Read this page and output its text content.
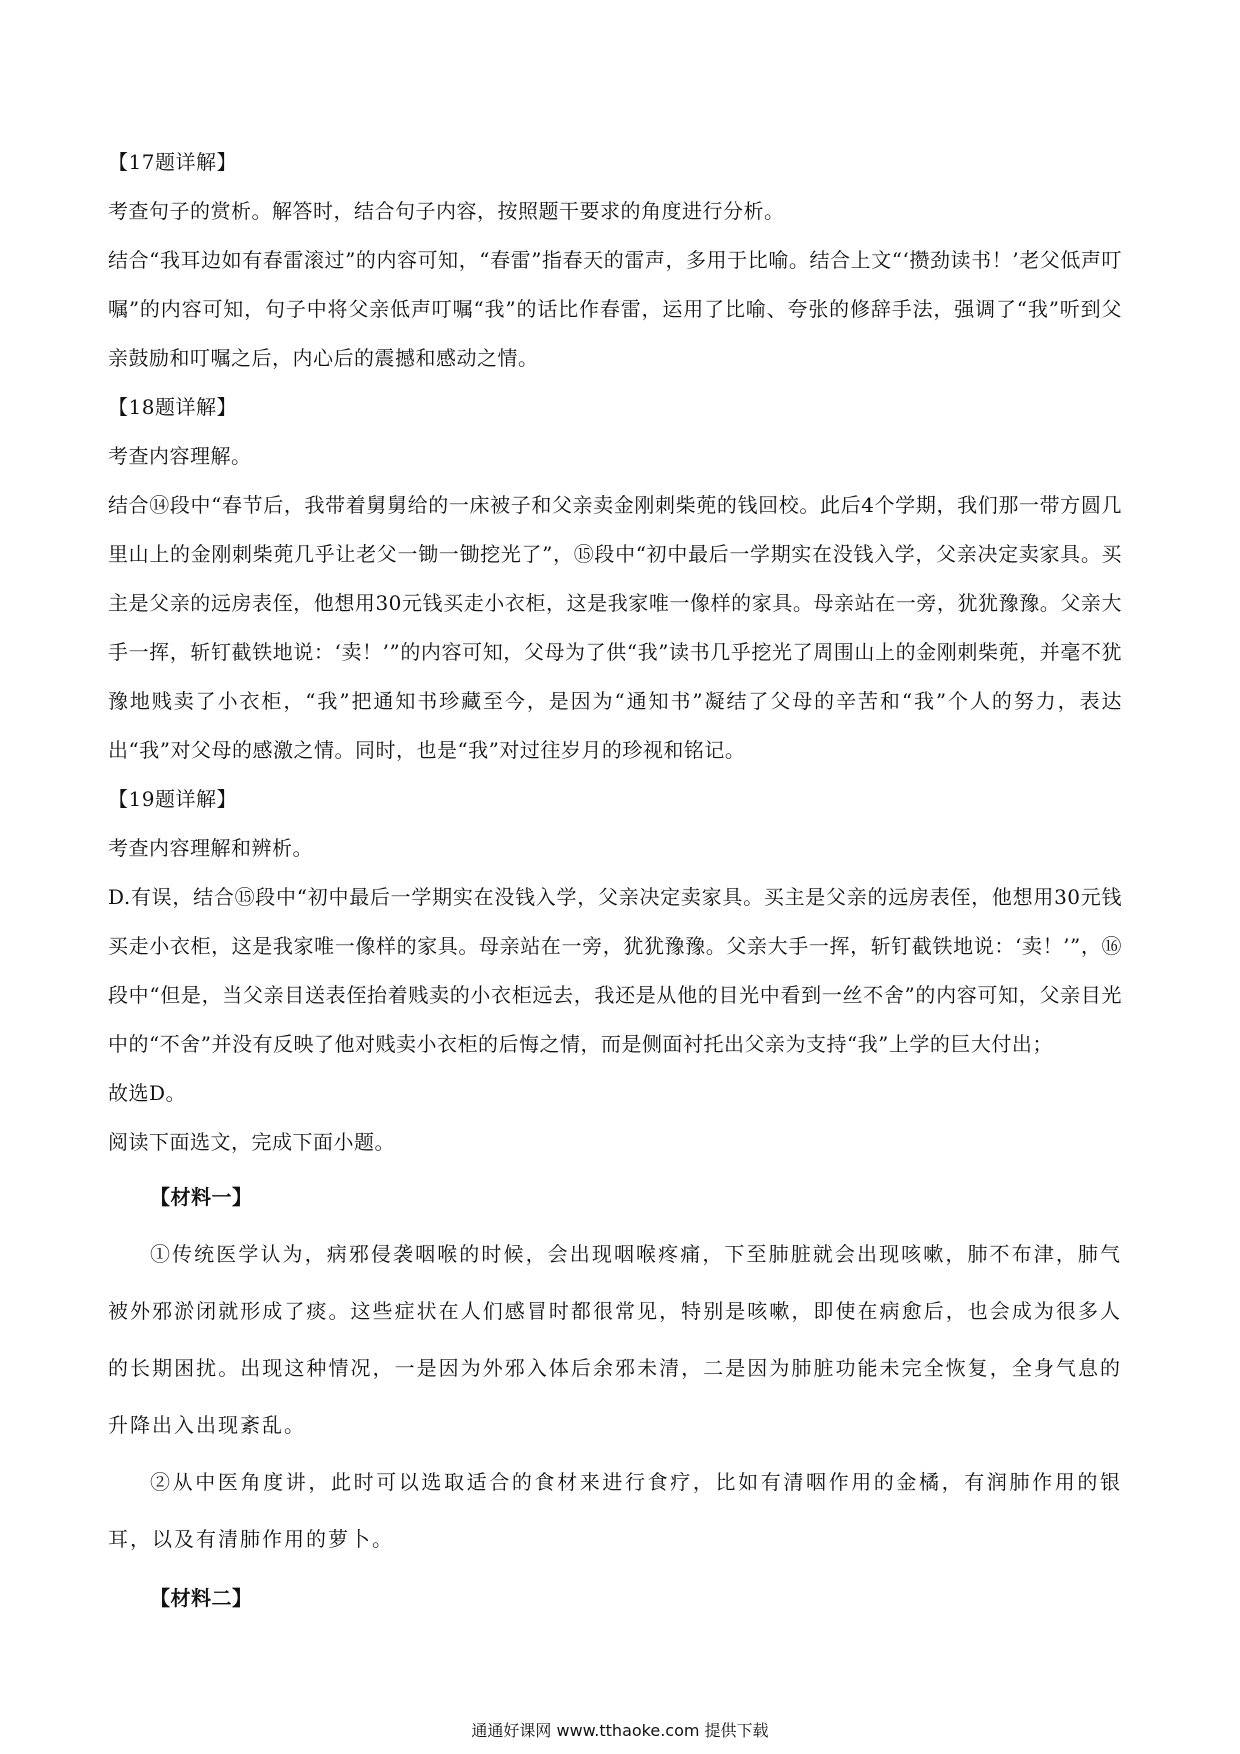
【17题详解】

考查句子的赏析。解答时，结合句子内容，按照题干要求的角度进行分析。

结合“我耳边如有春雷滚过”的内容可知，“春雷”指春天的雷声，多用于比喻。结合上文“‘攒劲读书！’老父低声叮嘱”的内容可知，句子中将父亲低声叮嘱“我”的话比作春雷，运用了比喻、夸张的修辞手法，强调了“我”听到父亲鼓励和叮嘱之后，内心后的震撼和感动之情。

【18题详解】

考查内容理解。

结合⑭段中“春节后，我带着舅舅给的一床被子和父亲卖金刚刺柴蔸的钱回校。此后4个学期，我们那一带方圆几里山上的金刚刺柴蔸几乎让老父一锄一锄挖光了”，⑮段中“初中最后一学期实在没钱入学，父亲决定卖家具。买主是父亲的远房表侄，他想用30元钱买走小衣柜，这是我家唯一像样的家具。母亲站在一旁，犹犹豫豫。父亲大手一挥，斩钉截铁地说：‘卖！’”的内容可知，父母为了供“我”读书几乎挖光了周围山上的金刚刺柴蔸，并毫不犹豫地贱卖了小衣柜，“我”把通知书珍藏至今，是因为“通知书”凝结了父母的辛苦和“我”个人的努力，表达出“我”对父母的感激之情。同时，也是“我”对过往岁月的珍视和铭记。

【19题详解】

考查内容理解和辨析。

D.有误，结合⑮段中“初中最后一学期实在没钱入学，父亲决定卖家具。买主是父亲的远房表侄，他想用30元钱买走小衣柜，这是我家唯一像样的家具。母亲站在一旁，犹犹豫豫。父亲大手一挥，斩钉截铁地说：‘卖！’”，⑯段中“但是，当父亲目送表侄抬着贱卖的小衣柜远去，我还是从他的目光中看到一丝不舍”的内容可知，父亲目光中的“不舍”并没有反映了他对贱卖小衣柜的后悔之情，而是侧面衬托出父亲为支持“我”上学的巨大付出；

故选D。

阅读下面选文，完成下面小题。

【材料一】

①传统医学认为，病邪侵袭咽喉的时候，会出现咽喉疼痛，下至肺脏就会出现咳嗽，肺不布津，肺气被外邪淤闭就形成了痰。这些症状在人们感冒时都很常见，特别是咳嗽，即使在病愈后，也会成为很多人的长期困扰。出现这种情况，一是因为外邪入体后余邪未清，二是因为肺脏功能未完全恢复，全身气息的升降出入出现紊乱。

②从中医角度讲，此时可以选取适合的食材来进行食疗，比如有清咽作用的金橘，有润肺作用的银耳，以及有清肺作用的萝卜。

【材料二】

通通好课网 www.tthaoke.com 提供下载
